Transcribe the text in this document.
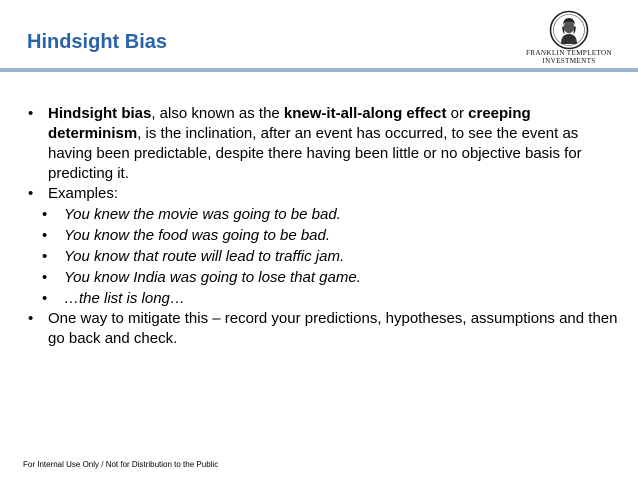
Hindsight Bias	FRANKLIN TEMPLETON
INVESTMENTS

• Hindsight bias, also known as the knew-it-all-along effect or creeping determinism, is the inclination, after an event has occurred, to see the event as having been predictable, despite there having been little or no objective basis for predicting it.

• Examples:

• You knew the movie was going to be bad.

• You know the food was going to be bad.

• You know that route will lead to traffic jam.

• You know India was going to lose that game.

• …the list is long…

• One way to mitigate this – record your predictions, hypotheses, assumptions and then go back and check.

For Internal Use Only / Not for Distribution to the Public
